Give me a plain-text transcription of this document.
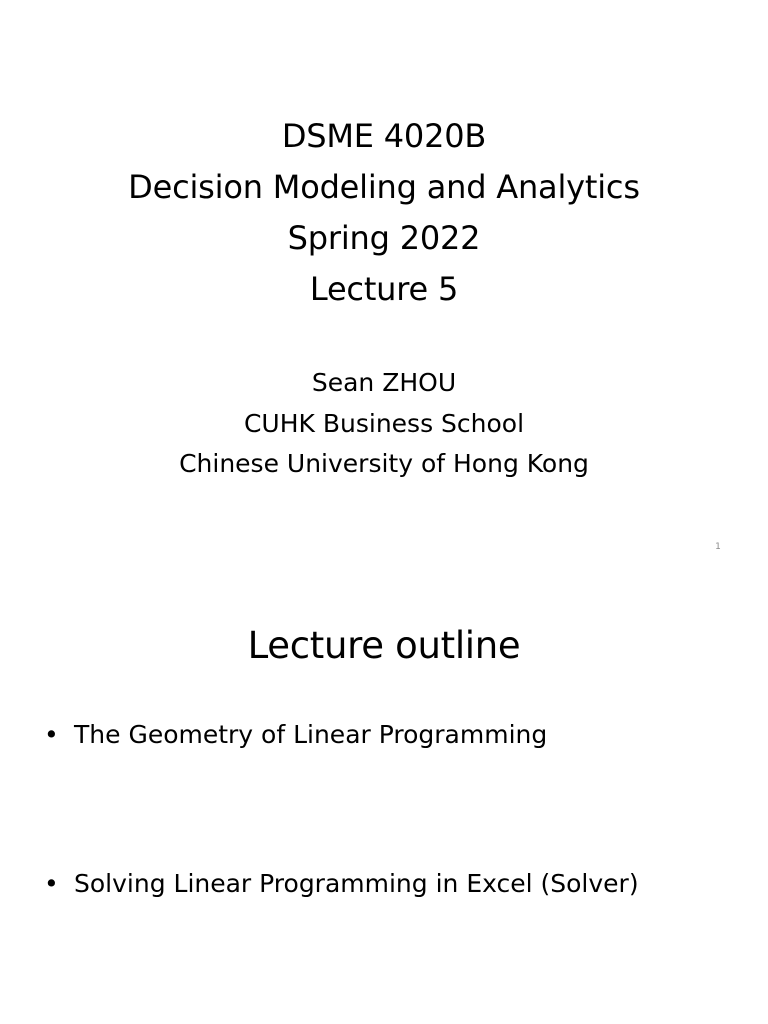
DSME 4020B
Decision Modeling and Analytics
Spring 2022
Lecture 5
Sean ZHOU
CUHK Business School
Chinese University of Hong Kong
1
Lecture outline
• The Geometry of Linear Programming
• Solving Linear Programming in Excel (Solver)
